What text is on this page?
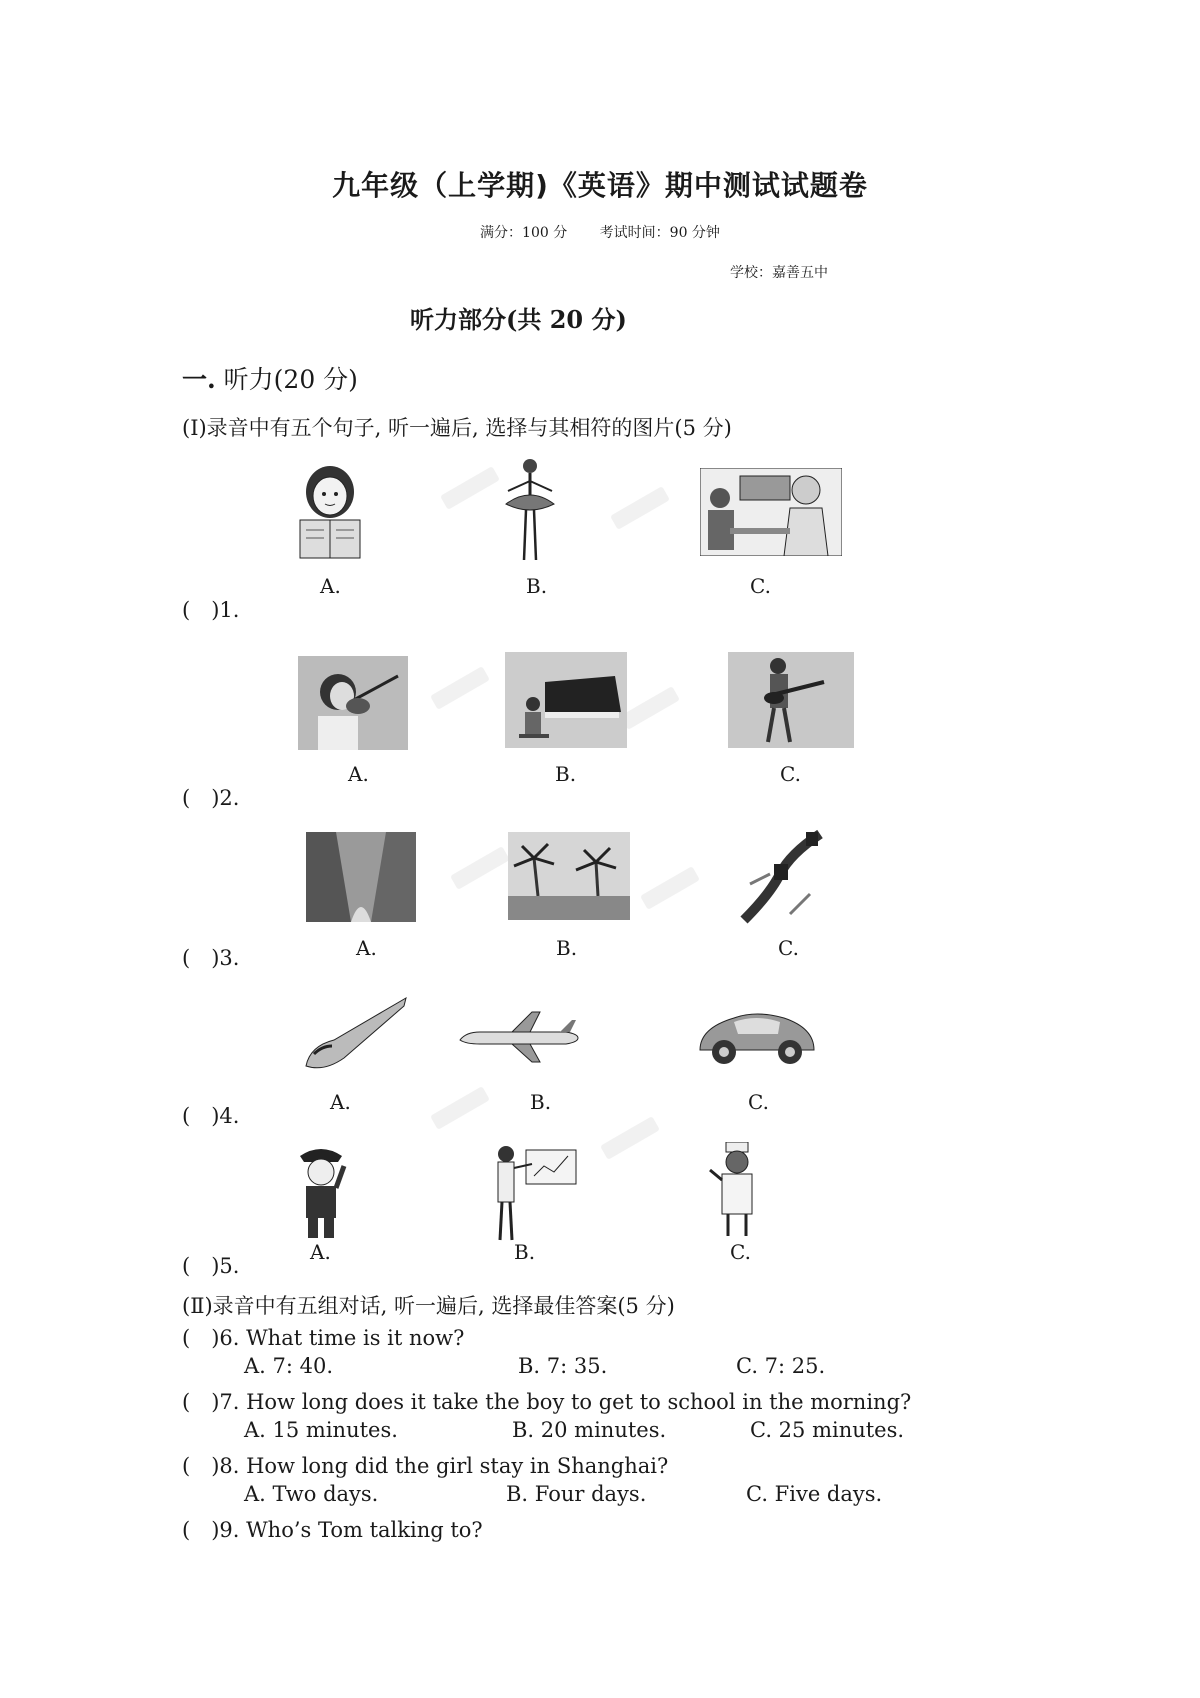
九年级（上学期)《英语》期中测试试题卷
满分：100 分 考试时间：90 分钟
学校：嘉善五中
听力部分(共 20 分)
一. 听力(20 分)
(Ⅰ)录音中有五个句子, 听一遍后, 选择与其相符的图片(5 分)
(　)1.
A.	B.	C.
(　)2.
A.	B.	C.
(　)3.	A.	B.	C.
(　)4.
A.	B.	C.
(　)5.
A.	B.	C.
(Ⅱ)录音中有五组对话, 听一遍后, 选择最佳答案(5 分)
(　)6. What time is it now?
A. 7: 40.	B. 7: 35.	C. 7: 25.
(　)7. How long does it take the boy to get to school in the morning?
A. 15 minutes.	B. 20 minutes.	C. 25 minutes.
(　)8. How long did the girl stay in Shanghai?
A. Two days.	B. Four days.	C. Five days.
(　)9. Who’s Tom talking to?
